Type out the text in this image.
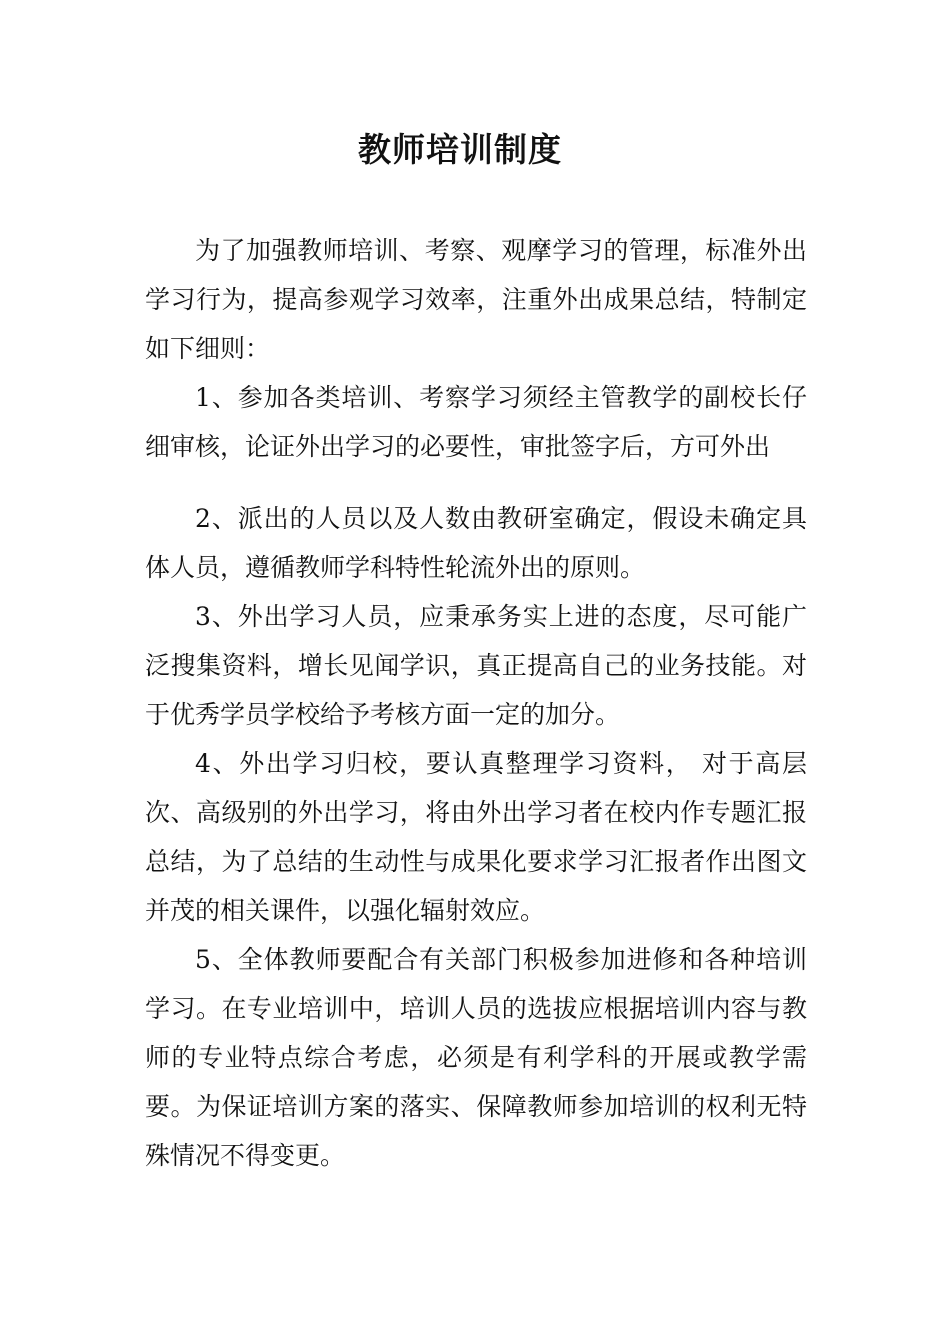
教师培训制度

为了加强教师培训、考察、观摩学习的管理，标准外出学习行为，提高参观学习效率，注重外出成果总结，特制定如下细则：

1、参加各类培训、考察学习须经主管教学的副校长仔细审核，论证外出学习的必要性，审批签字后，方可外出

2、派出的人员以及人数由教研室确定，假设未确定具体人员，遵循教师学科特性轮流外出的原则。

3、外出学习人员，应秉承务实上进的态度，尽可能广泛搜集资料，增长见闻学识，真正提高自己的业务技能。对于优秀学员学校给予考核方面一定的加分。

4、外出学习归校，要认真整理学习资料， 对于高层次、高级别的外出学习，将由外出学习者在校内作专题汇报总结，为了总结的生动性与成果化要求学习汇报者作出图文并茂的相关课件，以强化辐射效应。

5、全体教师要配合有关部门积极参加进修和各种培训学习。在专业培训中，培训人员的选拔应根据培训内容与教师的专业特点综合考虑，必须是有利学科的开展或教学需要。为保证培训方案的落实、保障教师参加培训的权利无特殊情况不得变更。
